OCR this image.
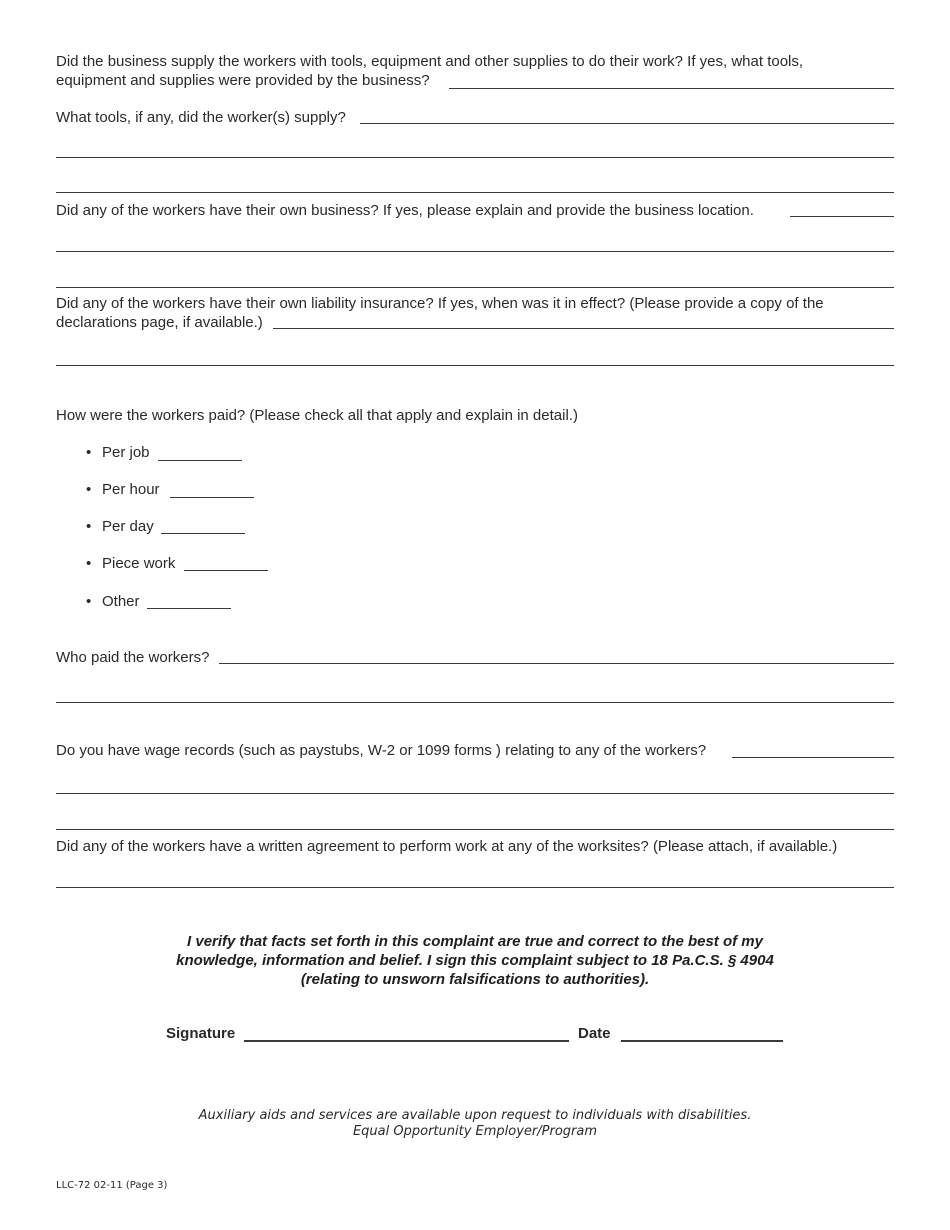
Did the business supply the workers with tools, equipment and other supplies to do their work? If yes, what tools,
equipment and supplies were provided by the business?
What tools, if any, did the worker(s) supply?
Did any of the workers have their own business? If yes, please explain and provide the business location.
Did any of the workers have their own liability insurance? If yes, when was it in effect? (Please provide a copy of the
declarations page, if available.)
How were the workers paid? (Please check all that apply and explain in detail.)
• Per job
• Per hour
• Per day
• Piece work
• Other
Who paid the workers?
Do you have wage records (such as paystubs, W-2 or 1099 forms ) relating to any of the workers?
Did any of the workers have a written agreement to perform work at any of the worksites? (Please attach, if available.)
I verify that facts set forth in this complaint are true and correct to the best of my
knowledge, information and belief. I sign this complaint subject to 18 Pa.C.S. § 4904
(relating to unsworn falsifications to authorities).
Signature	Date
Auxiliary aids and services are available upon request to individuals with disabilities.
Equal Opportunity Employer/Program
LLC-72 02-11 (Page 3)
